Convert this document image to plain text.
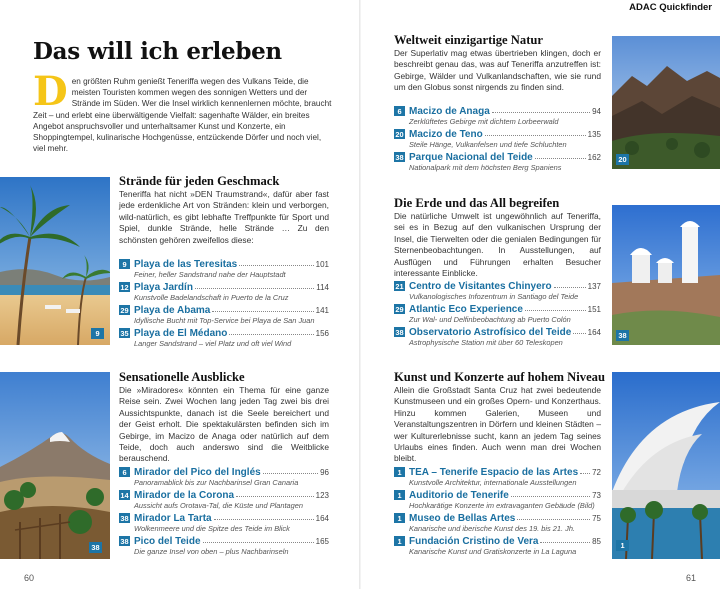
ADAC Quickfinder
Das will ich erleben
Den größten Ruhm genießt Teneriffa wegen des Vulkans Teide, die meisten Touristen kommen wegen des sonnigen Wetters und der Strände im Süden. Wer die Insel wirklich kennenlernen möchte, braucht Zeit – und erlebt eine überwältigende Vielfalt: sagenhafte Wälder, ein breites Angebot anspruchsvoller und unterhaltsamer Kunst und Konzerte, ein Shoppingtempel, kulinarische Hochgenüsse, entzückende Dörfer und noch viel, viel mehr.
9
Strände für jeden Geschmack
Teneriffa hat nicht »DEN Traumstrand«, dafür aber fast jede erdenkliche Art von Stränden: klein und verborgen, wild-natürlich, es gibt lebhafte Treffpunkte für Sport und Spiel, dunkle Strände, helle Strände … Zu den schönsten gehören zweifellos diese:
9 Playa de las Teresitas	101
Feiner, heller Sandstrand nahe der Hauptstadt
12 Playa Jardín	114
Kunstvolle Badelandschaft in Puerto de la Cruz
29 Playa de Abama	141
Idyllische Bucht mit Top-Service bei Playa de San Juan
35 Playa de El Médano	156
Langer Sandstrand – viel Platz und oft viel Wind
38
Sensationelle Ausblicke
Die »Miradores« könnten ein Thema für eine ganze Reise sein. Zwei Wochen lang jeden Tag zwei bis drei Aussichtspunkte, danach ist die Seele bereichert und der Geist erholt. Die spektakulärsten befinden sich im Gebirge, im Macizo de Anaga oder natürlich auf dem Teide, doch auch anderswo sind die Weitblicke berauschend.
6 Mirador del Pico del Inglés	96
Panoramablick bis zur Nachbarinsel Gran Canaria
14 Mirador de la Corona	123
Aussicht aufs Orotava-Tal, die Küste und Plantagen
38 Mirador La Tarta	164
Wolkenmeere und die Spitze des Teide im Blick
38 Pico del Teide	165
Die ganze Insel von oben – plus Nachbarinseln
60
Weltweit einzigartige Natur
Der Superlativ mag etwas übertrieben klingen, doch er beschreibt genau das, was auf Teneriffa anzutreffen ist: Gebirge, Wälder und Vulkanlandschaften, wie sie rund um den Globus sonst nirgends zu finden sind.
6 Macizo de Anaga	94
Zerklüftetes Gebirge mit dichtem Lorbeerwald
20 Macizo de Teno	135
Steile Hänge, Vulkanfelsen und tiefe Schluchten
38 Parque Nacional del Teide	162
Nationalpark mit dem höchsten Berg Spaniens
20
Die Erde und das All begreifen
Die natürliche Umwelt ist ungewöhnlich auf Teneriffa, sei es in Bezug auf den vulkanischen Ursprung der Insel, die Tierwelten oder die genialen Bedingungen für Sternenbeobachtungen. In Ausstellungen, auf Ausflügen und Führungen erhalten Besucher interessante Einblicke.
21 Centro de Visitantes Chinyero	137
Vulkanologisches Infozentrum in Santiago del Teide
29 Atlantic Eco Experience	151
Zur Wal- und Delfinbeobachtung ab Puerto Colón
38 Observatorio Astrofísico del Teide 164
Astrophysische Station mit über 60 Teleskopen
38
Kunst und Konzerte auf hohem Niveau
Allein die Großstadt Santa Cruz hat zwei bedeutende Kunstmuseen und ein großes Opern- und Konzerthaus. Hinzu kommen Galerien, Museen und Veranstaltungszentren in Dörfern und kleinen Städten – wer Kulturerlebnisse sucht, kann an jedem Tag seines Urlaubs eines finden. Auch wenn man drei Wochen bleibt.
1 TEA – Tenerife Espacio de las Artes 72
Kunstvolle Architektur, internationale Ausstellungen
1 Auditorio de Tenerife	73
Hochkarätige Konzerte im extravaganten Gebäude (Bild)
1 Museo de Bellas Artes	75
Kanarische und iberische Kunst des 19. bis 21. Jh.
1 Fundación Cristino de Vera	85
Kanarische Kunst und Gratiskonzerte in La Laguna
1
61
